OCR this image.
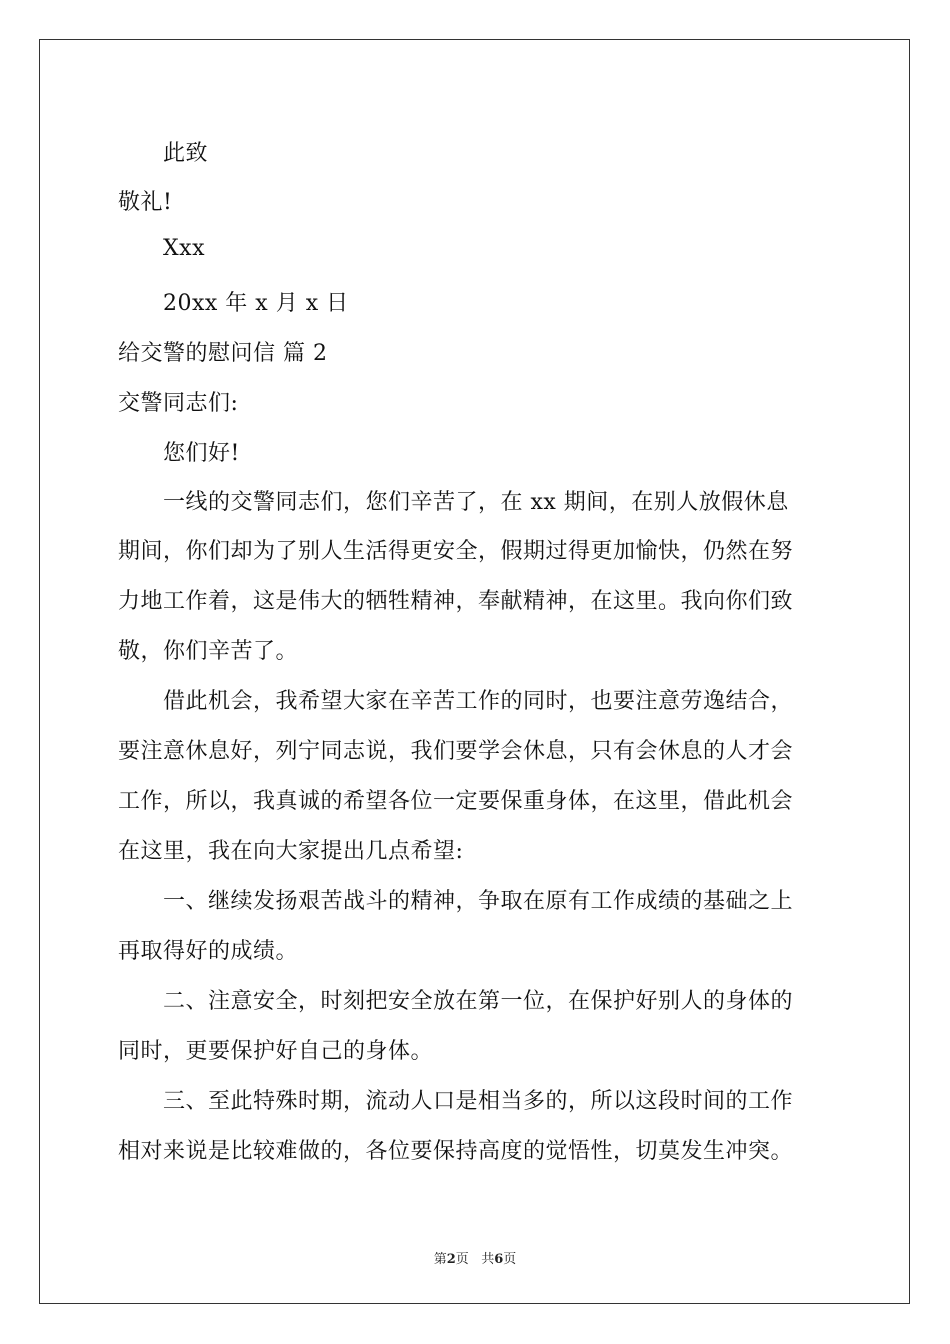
此致
敬礼!
Xxx
20xx 年 x 月 x 日
给交警的慰问信 篇 2
交警同志们:
您们好!
一线的交警同志们，您们辛苦了，在 xx 期间，在别人放假休息
期间，你们却为了别人生活得更安全，假期过得更加愉快，仍然在努
力地工作着，这是伟大的牺牲精神，奉献精神，在这里。我向你们致
敬，你们辛苦了。
借此机会，我希望大家在辛苦工作的同时，也要注意劳逸结合，
要注意休息好，列宁同志说，我们要学会休息，只有会休息的人才会
工作，所以，我真诚的希望各位一定要保重身体，在这里，借此机会
在这里，我在向大家提出几点希望:
一、继续发扬艰苦战斗的精神，争取在原有工作成绩的基础之上
再取得好的成绩。
二、注意安全，时刻把安全放在第一位，在保护好别人的身体的
同时，更要保护好自己的身体。
三、至此特殊时期，流动人口是相当多的，所以这段时间的工作
相对来说是比较难做的，各位要保持高度的觉悟性，切莫发生冲突。
第2页 共6页
